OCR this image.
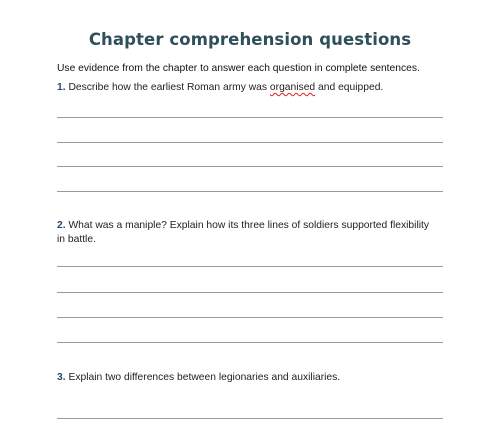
Chapter comprehension questions
Use evidence from the chapter to answer each question in complete sentences.
1. Describe how the earliest Roman army was organised and equipped.
2. What was a maniple? Explain how its three lines of soldiers supported flexibility in battle.
3. Explain two differences between legionaries and auxiliaries.
